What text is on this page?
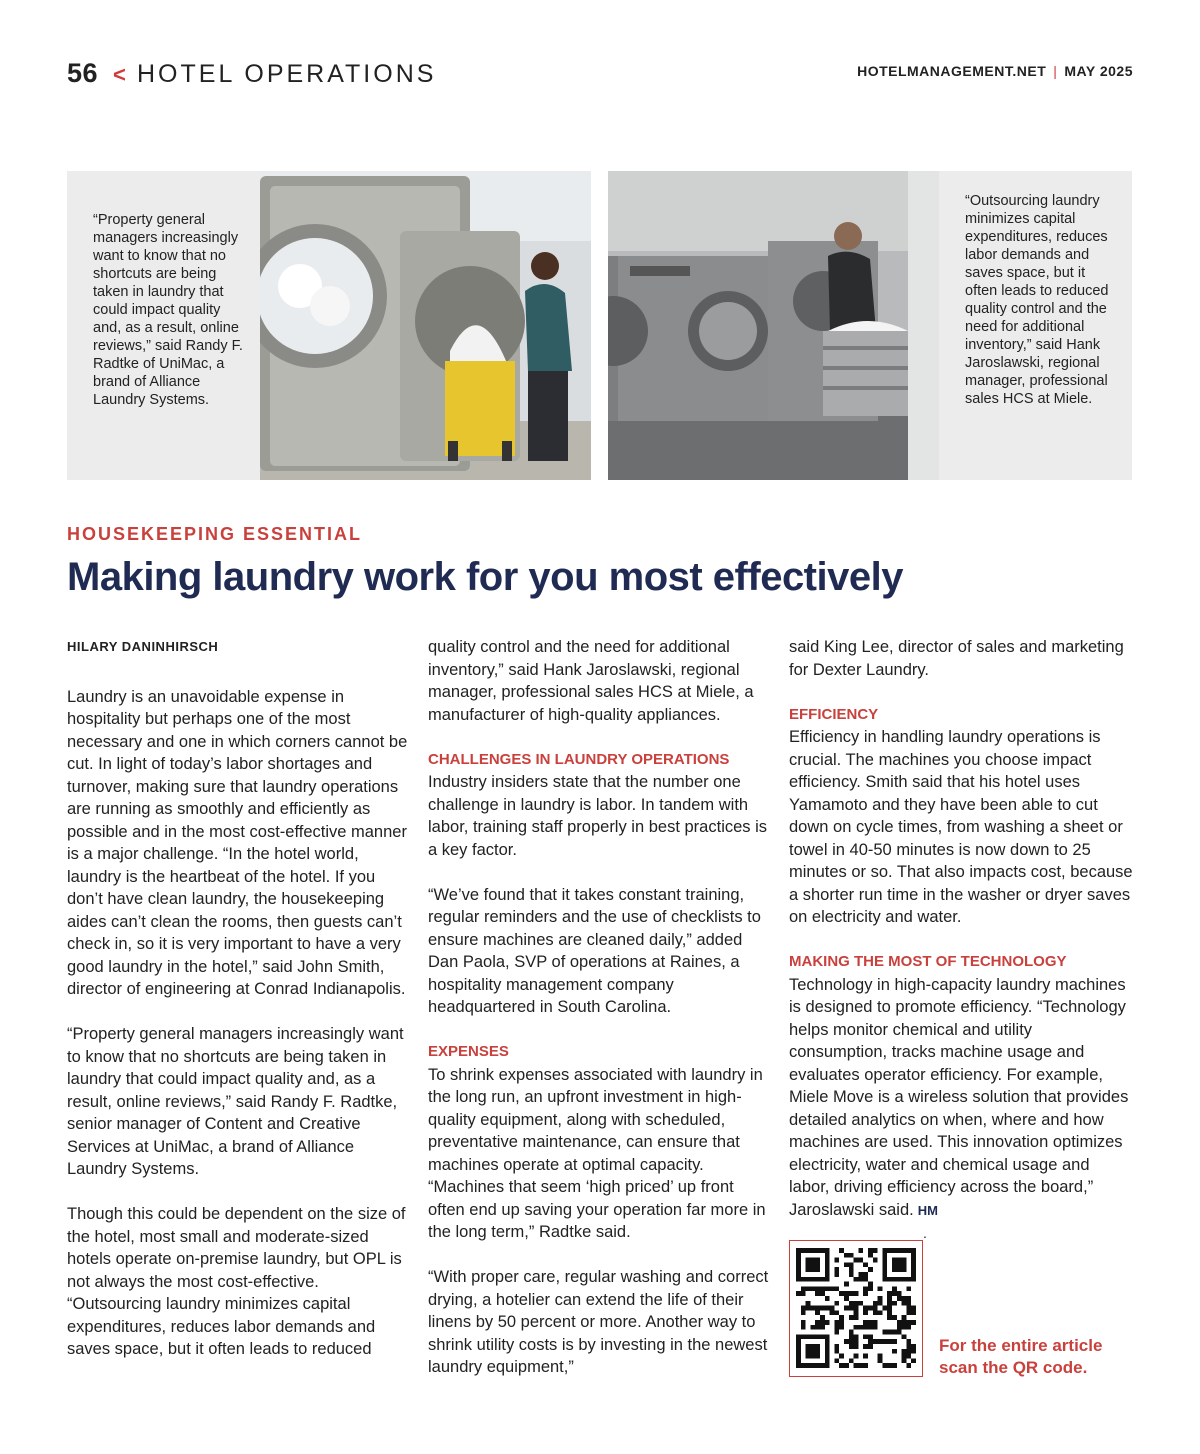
56 < HOTEL OPERATIONS	HOTELMANAGEMENT.NET | MAY 2025
“Property general managers increasingly want to know that no shortcuts are being taken in laundry that could impact quality and, as a result, online reviews,” said Randy F. Radtke of UniMac, a brand of Alliance Laundry Systems.
“Outsourcing laundry minimizes capital expenditures, reduces labor demands and saves space, but it often leads to reduced quality control and the need for additional inventory,” said Hank Jaroslawski, regional manager, professional sales HCS at Miele.
HOUSEKEEPING ESSENTIAL
Making laundry work for you most effectively

HILARY DANINHIRSCH

Laundry is an unavoidable expense in hospitality but perhaps one of the most necessary and one in which corners cannot be cut. In light of today’s labor shortages and turnover, making sure that laundry operations are running as smoothly and efficiently as possible and in the most cost-effective manner is a major challenge. “In the hotel world, laundry is the heartbeat of the hotel. If you don’t have clean laundry, the housekeeping aides can’t clean the rooms, then guests can’t check in, so it is very important to have a very good laundry in the hotel,” said John Smith, director of engineering at Conrad Indianapolis.

“Property general managers increasingly want to know that no shortcuts are being taken in laundry that could impact quality and, as a result, online reviews,” said Randy F. Radtke, senior manager of Content and Creative Services at UniMac, a brand of Alliance Laundry Systems.

Though this could be dependent on the size of the hotel, most small and moderate-sized hotels operate on-premise laundry, but OPL is not always the most cost-effective. “Outsourcing laundry minimizes capital expenditures, reduces labor demands and saves space, but it often leads to reduced

quality control and the need for additional inventory,” said Hank Jaroslawski, regional manager, professional sales HCS at Miele, a manufacturer of high-quality appliances.

CHALLENGES IN LAUNDRY OPERATIONS

Industry insiders state that the number one challenge in laundry is labor. In tandem with labor, training staff properly in best practices is a key factor.

“We’ve found that it takes constant training, regular reminders and the use of checklists to ensure machines are cleaned daily,” added Dan Paola, SVP of operations at Raines, a hospitality management company headquartered in South Carolina.

EXPENSES

To shrink expenses associated with laundry in the long run, an upfront investment in high-quality equipment, along with scheduled, preventative maintenance, can ensure that machines operate at optimal capacity. “Machines that seem ‘high priced’ up front often end up saving your operation far more in the long term,” Radtke said.

“With proper care, regular washing and correct drying, a hotelier can extend the life of their linens by 50 percent or more. Another way to shrink utility costs is by investing in the newest laundry equipment,”

said King Lee, director of sales and marketing for Dexter Laundry.

EFFICIENCY

Efficiency in handling laundry operations is crucial. The machines you choose impact efficiency. Smith said that his hotel uses Yamamoto and they have been able to cut down on cycle times, from washing a sheet or towel in 40-50 minutes is now down to 25 minutes or so. That also impacts cost, because a shorter run time in the washer or dryer saves on electricity and water.

MAKING THE MOST OF TECHNOLOGY

Technology in high-capacity laundry machines is designed to promote efficiency. “Technology helps monitor chemical and utility consumption, tracks machine usage and evaluates operator efficiency. For example, Miele Move is a wireless solution that provides detailed analytics on when, where and how machines are used. This innovation optimizes electricity, water and chemical usage and labor, driving efficiency across the board,” Jaroslawski said. HM

.
For the entire article
scan the QR code.
